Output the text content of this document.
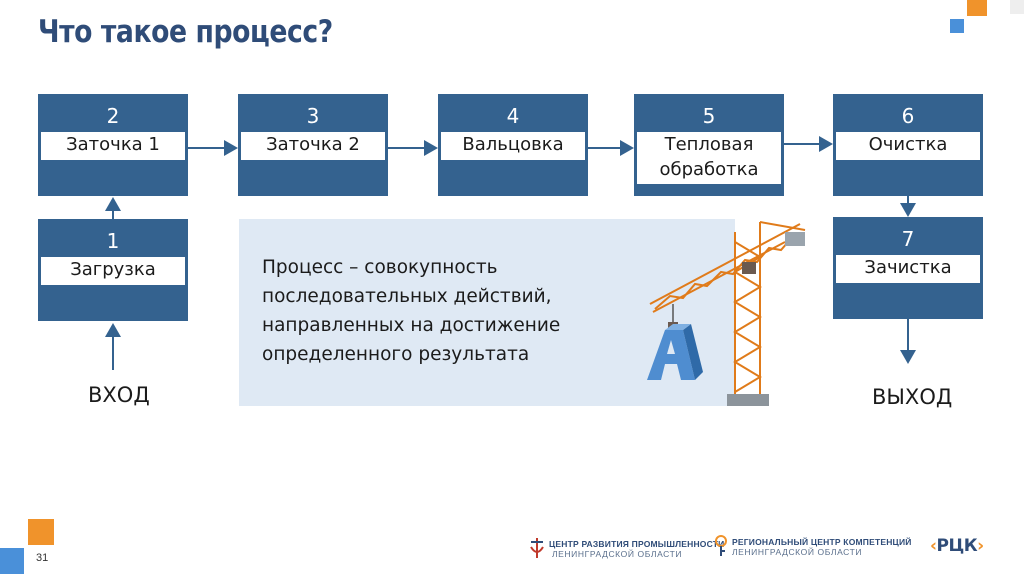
Что такое процесс?
2
Заточка 1
3
Заточка 2
4
Вальцовка
5
Тепловая обработка
6
Очистка
1
Загрузка
7
Зачистка
ВХОД	ВЫХОД
Процесс – совокупность последовательных действий, направленных на достижение определенного результата
31
ЦЕНТР РАЗВИТИЯ ПРОМЫШЛЕННОСТИ
ЛЕНИНГРАДСКОЙ ОБЛАСТИ
РЕГИОНАЛЬНЫЙ ЦЕНТР КОМПЕТЕНЦИЙ
ЛЕНИНГРАДСКОЙ ОБЛАСТИ	‹РЦК›
